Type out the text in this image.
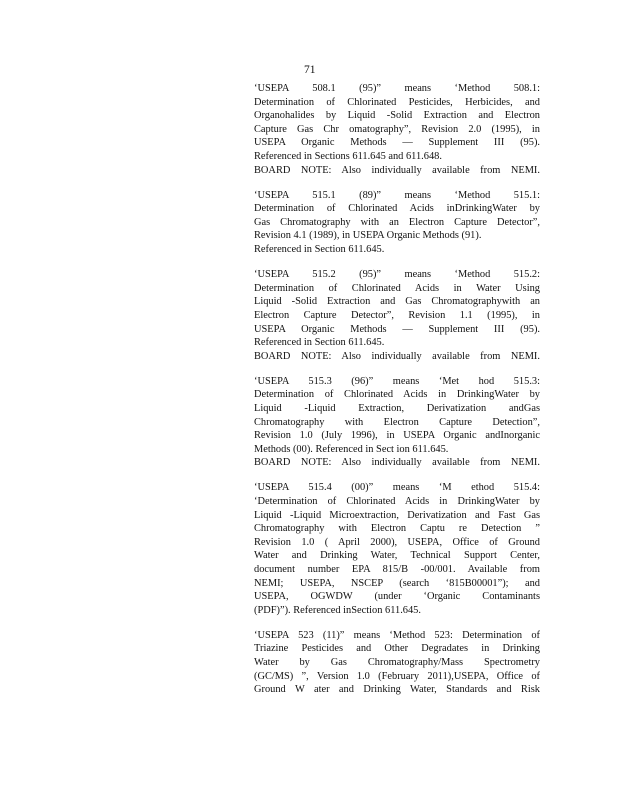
71
‘USEPA 508.1 (95)” means ‘Method 508.1:
Determination of Chlorinated Pesticides, Herbicides, and
Organohalides by Liquid -Solid Extraction and Electron
Capture Gas Chr omatography”, Revision 2.0 (1995), in
USEPA Organic Methods — Supplement III (95).
Referenced in Sections 611.645 and 611.648.
BOARD NOTE: Also individually available from NEMI.
‘USEPA 515.1 (89)” means ‘Method 515.1:
Determination of Chlorinated Acids inDrinkingWater by
Gas Chromatography with an Electron Capture Detector”,
Revision 4.1 (1989), in USEPA Organic Methods (91).
Referenced in Section 611.645.
‘USEPA 515.2 (95)” means ‘Method 515.2:
Determination of Chlorinated Acids in Water Using
Liquid -Solid Extraction and Gas Chromatographywith an
Electron Capture Detector”, Revision 1.1 (1995), in
USEPA Organic Methods — Supplement III (95).
Referenced in Section 611.645.
BOARD NOTE: Also individually available from NEMI.
‘USEPA 515.3 (96)” means ‘Met hod 515.3:
Determination of Chlorinated Acids in DrinkingWater by
Liquid -Liquid Extraction, Derivatization andGas
Chromatography with Electron Capture Detection”,
Revision 1.0 (July 1996), in USEPA Organic andInorganic
Methods (00). Referenced in Sect ion 611.645.
BOARD NOTE: Also individually available from NEMI.
‘USEPA 515.4 (00)” means ‘M ethod 515.4:
‘Determination of Chlorinated Acids in DrinkingWater by
Liquid -Liquid Microextraction, Derivatization and Fast Gas
Chromatography with Electron Captu re Detection ”
Revision 1.0 ( April 2000), USEPA, Office of Ground
Water and Drinking Water, Technical Support Center,
document number EPA 815/B -00/001. Available from
NEMI; USEPA, NSCEP (search ‘815B00001”); and
USEPA, OGWDW (under ‘Organic Contaminants
(PDF)”). Referenced inSection 611.645.
‘USEPA 523 (11)” means ‘Method 523: Determination of
Triazine Pesticides and Other Degradates in Drinking
Water by Gas Chromatography/Mass Spectrometry
(GC/MS) ”, Version 1.0 (February 2011),USEPA, Office of
Ground W ater and Drinking Water, Standards and Risk
